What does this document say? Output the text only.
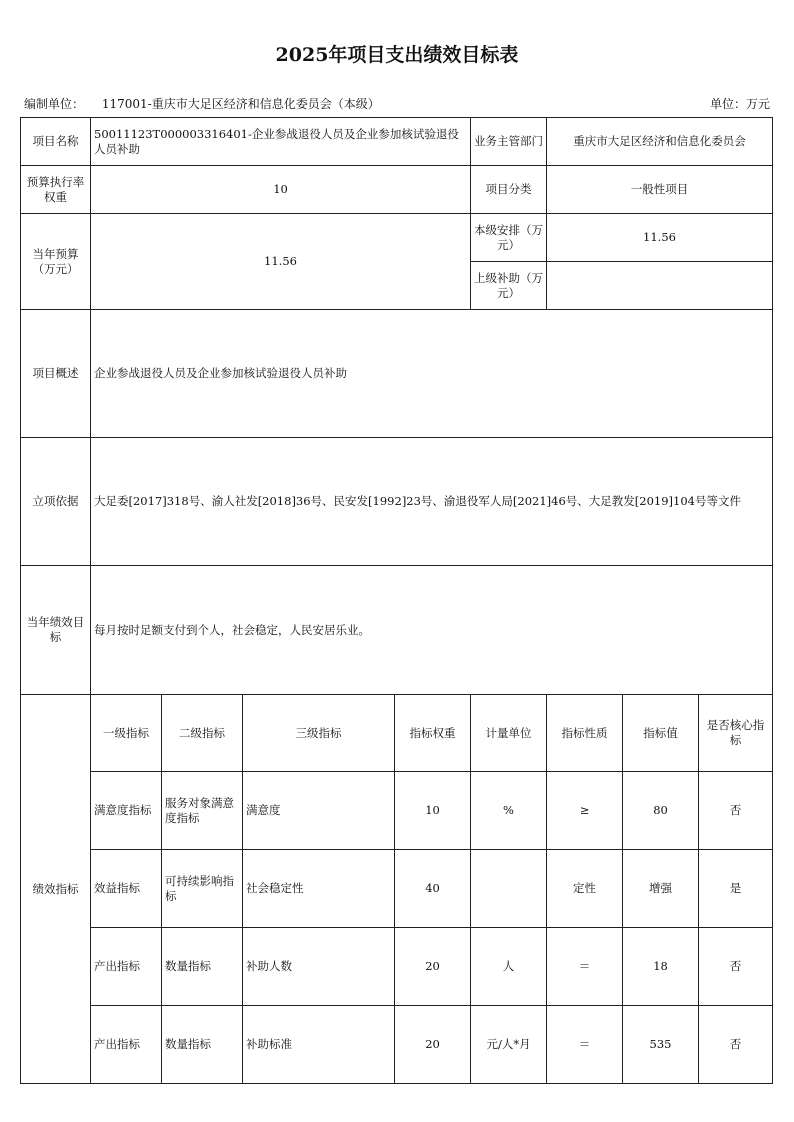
2025年项目支出绩效目标表
编制单位： 117001-重庆市大足区经济和信息化委员会（本级）	单位：万元
项目名称	50011123T000003316401-企业参战退役人员及企业参加核试验退役人员补助				业务主管部门	重庆市大足区经济和信息化委员会		
预算执行率权重	10				项目分类	一般性项目		
当年预算（万元）	11.56				本级安排（万元）	11.56		
					上级补助（万元）			
项目概述	企业参战退役人员及企业参加核试验退役人员补助							
立项依据	大足委[2017]318号、渝人社发[2018]36号、民安发[1992]23号、渝退役军人局[2021]46号、大足教发[2019]104号等文件							
当年绩效目标	每月按时足额支付到个人，社会稳定，人民安居乐业。							
绩效指标	一级指标	二级指标	三级指标	指标权重	计量单位	指标性质	指标值	是否核心指标
	满意度指标	服务对象满意度指标	满意度	10	%	≥	80	否
	效益指标	可持续影响指标	社会稳定性	40		定性	增强	是
	产出指标	数量指标	补助人数	20	人	＝	18	否
	产出指标	数量指标	补助标准	20	元/人*月	＝	535	否
